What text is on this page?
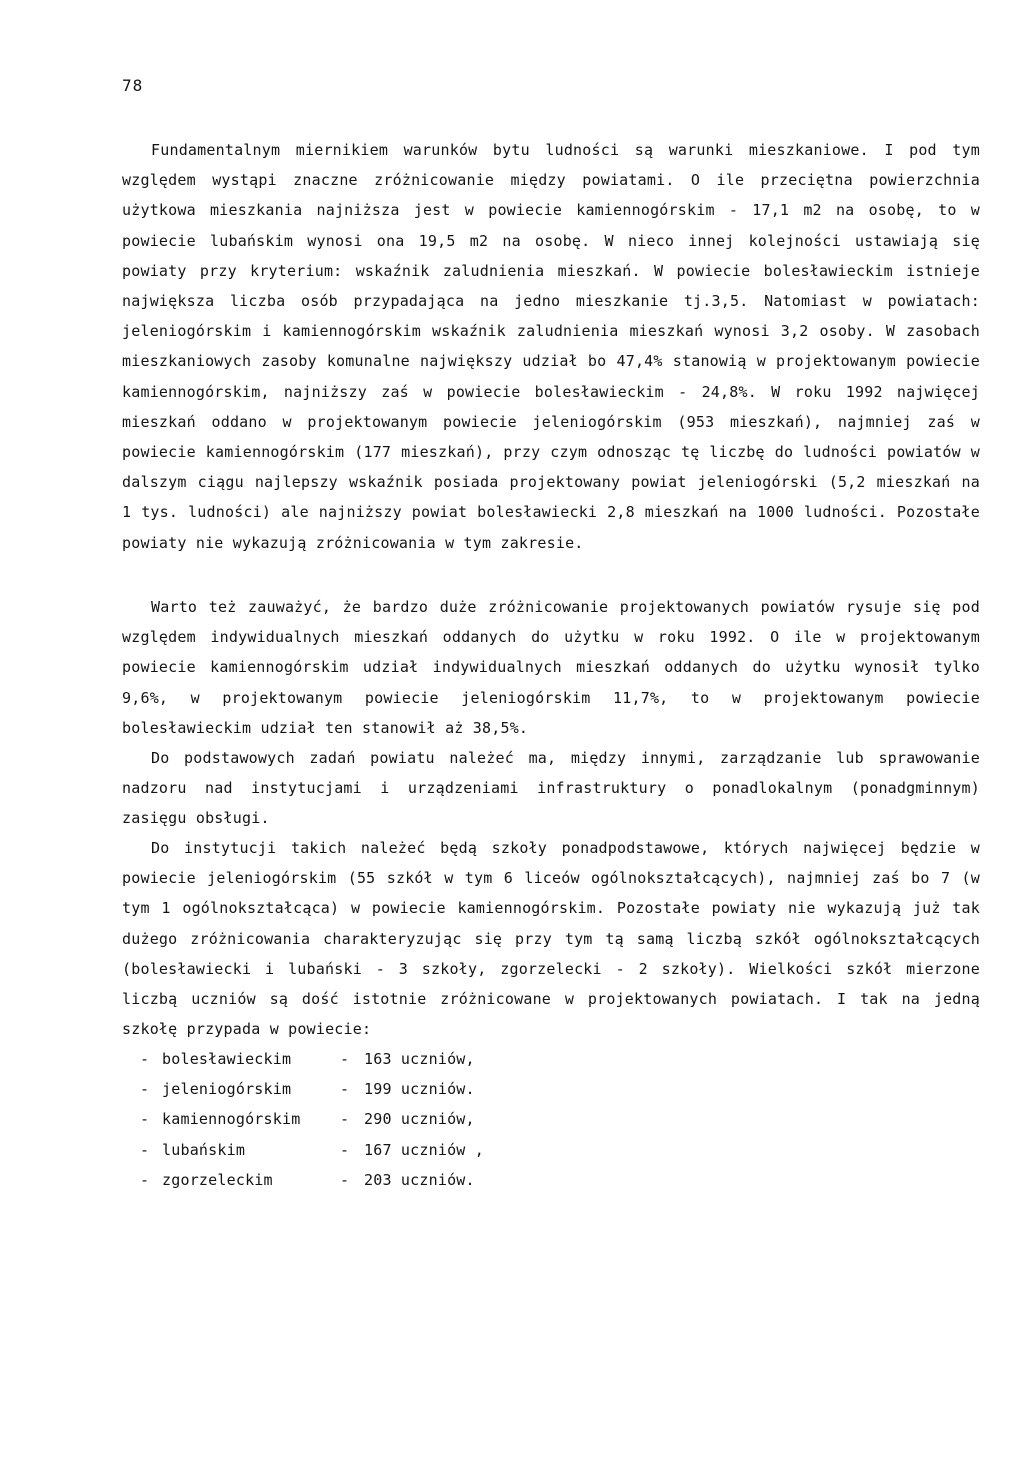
78

Fundamentalnym miernikiem warunków bytu ludności są warunki mieszkaniowe. I pod tym względem wystąpi znaczne zróżnicowanie między powiatami. O ile przeciętna powierzchnia użytkowa mieszkania najniższa jest w powiecie kamiennogórskim - 17,1 m2 na osobę, to w powiecie lubańskim wynosi ona 19,5 m2 na osobę. W nieco innej kolejności ustawiają się powiaty przy kryterium: wskaźnik zaludnienia mieszkań. W powiecie bolesławieckim istnieje największa liczba osób przypadająca na jedno mieszkanie tj.3,5. Natomiast w powiatach: jeleniogórskim i kamiennogórskim wskaźnik zaludnienia mieszkań wynosi 3,2 osoby. W zasobach mieszkaniowych zasoby komunalne największy udział bo 47,4% stanowią w projektowanym powiecie kamiennogórskim, najniższy zaś w powiecie bolesławieckim - 24,8%. W roku 1992 najwięcej mieszkań oddano w projektowanym powiecie jeleniogórskim (953 mieszkań), najmniej zaś w powiecie kamiennogórskim (177 mieszkań), przy czym odnosząc tę liczbę do ludności powiatów w dalszym ciągu najlepszy wskaźnik posiada projektowany powiat jeleniogórski (5,2 mieszkań na 1 tys. ludności) ale najniższy powiat bolesławiecki 2,8 mieszkań na 1000 ludności. Pozostałe powiaty nie wykazują zróżnicowania w tym zakresie.

Warto też zauważyć, że bardzo duże zróżnicowanie projektowanych powiatów rysuje się pod względem indywidualnych mieszkań oddanych do użytku w roku 1992. O ile w projektowanym powiecie kamiennogórskim udział indywidualnych mieszkań oddanych do użytku wynosił tylko 9,6%, w projektowanym powiecie jeleniogórskim 11,7%, to w projektowanym powiecie bolesławieckim udział ten stanowił aż 38,5%.

Do podstawowych zadań powiatu należeć ma, między innymi, zarządzanie lub sprawowanie nadzoru nad instytucjami i urządzeniami infrastruktury o ponadlokalnym (ponadgminnym) zasięgu obsługi.

Do instytucji takich należeć będą szkoły ponadpodstawowe, których najwięcej będzie w powiecie jeleniogórskim (55 szkół w tym 6 liceów ogólnokształcących), najmniej zaś bo 7 (w tym 1 ogólnokształcąca) w powiecie kamiennogórskim. Pozostałe powiaty nie wykazują już tak dużego zróżnicowania charakteryzując się przy tym tą samą liczbą szkół ogólnokształcących (bolesławiecki i lubański - 3 szkoły, zgorzelecki - 2 szkoły). Wielkości szkół mierzone liczbą uczniów są dość istotnie zróżnicowane w projektowanych powiatach. I tak na jedną szkołę przypada w powiecie:

- bolesławieckim	- 163 uczniów,
- jeleniogórskim	- 199 uczniów.
- kamiennogórskim	- 290 uczniów,
- lubańskim	- 167 uczniów ,
- zgorzeleckim	- 203 uczniów.
